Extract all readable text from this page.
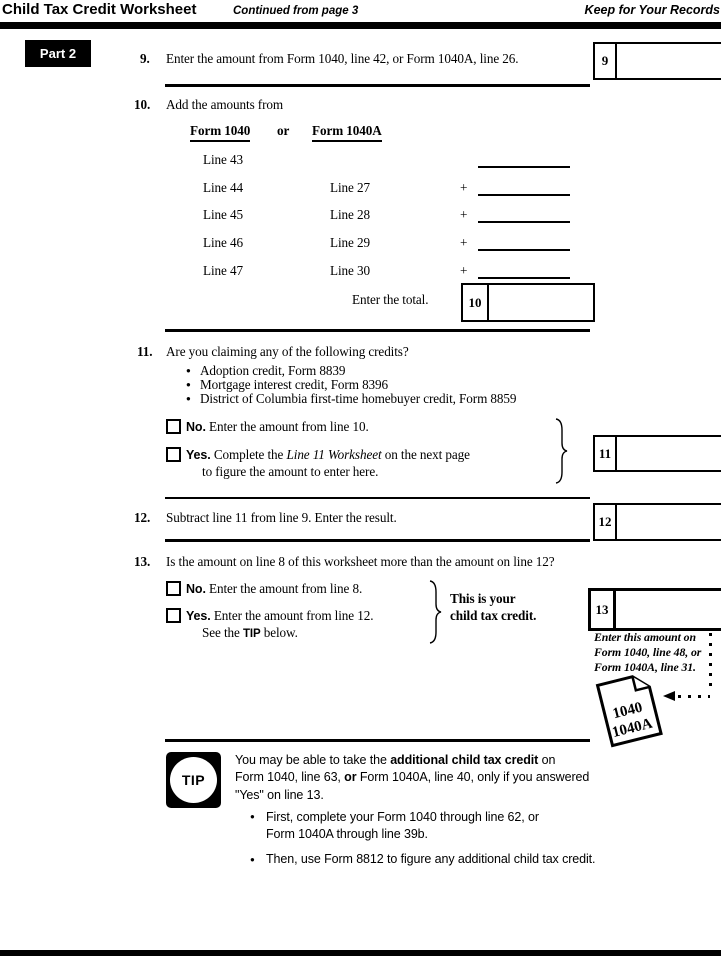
Child Tax Credit Worksheet	Continued from page 3	Keep for Your Records
Part 2	9. Enter the amount from Form 1040, line 42, or Form 1040A, line 26.	9
10. Add the amounts from
Form 1040 or Form 1040A
Line 43
Line 44	Line 27	+
Line 45	Line 28	+
Line 46	Line 29	+
Line 47	Line 30	+
Enter the total.	10
11. Are you claiming any of the following credits?
● Adoption credit, Form 8839
● Mortgage interest credit, Form 8396
● District of Columbia first-time homebuyer credit, Form 8859
No. Enter the amount from line 10.
Yes. Complete the Line 11 Worksheet on the next page
to figure the amount to enter here.
11
12. Subtract line 11 from line 9. Enter the result.	12
13. Is the amount on line 8 of this worksheet more than the amount on line 12?
No. Enter the amount from line 8.
Yes. Enter the amount from line 12.
See the TIP below.
This is your
child tax credit.	13
Enter this amount on
Form 1040, line 48, or
Form 1040A, line 31.
1040
1040A
TIP
You may be able to take the additional child tax credit on
Form 1040, line 63, or Form 1040A, line 40, only if you answered
"Yes" on line 13.
● First, complete your Form 1040 through line 62, or
Form 1040A through line 39b.
● Then, use Form 8812 to figure any additional child tax credit.
